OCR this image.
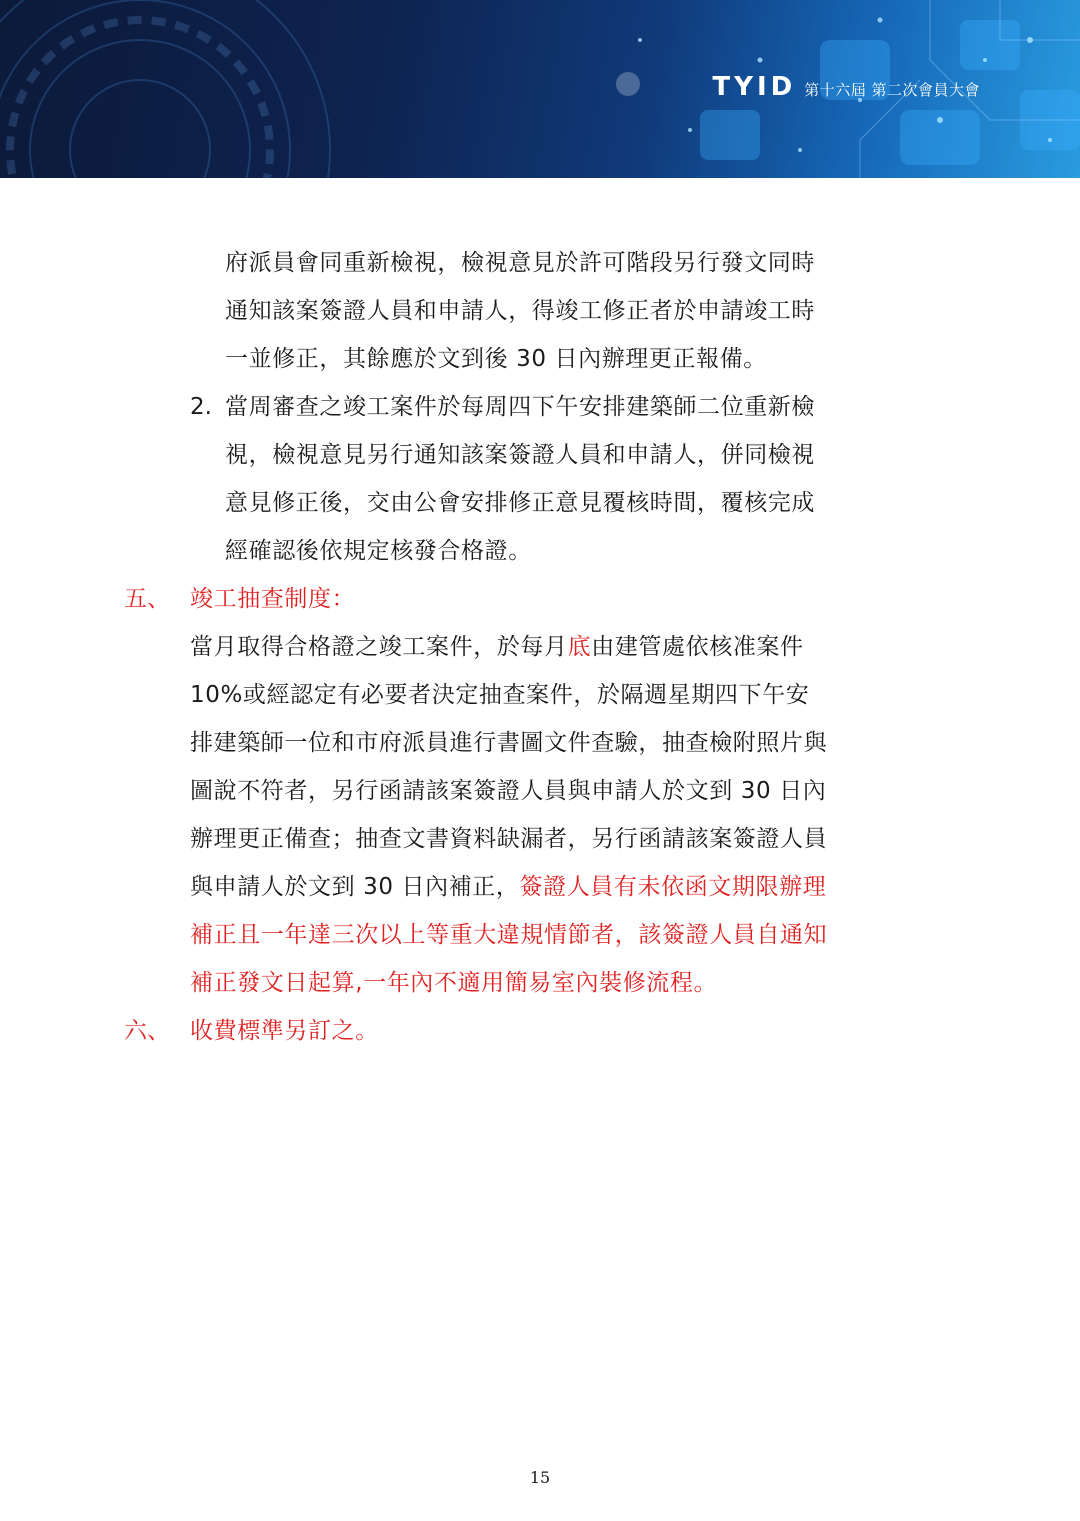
TYID 第十六屆 第二次會員大會
府派員會同重新檢視，檢視意見於許可階段另行發文同時
通知該案簽證人員和申請人，得竣工修正者於申請竣工時
一並修正，其餘應於文到後 30 日內辦理更正報備。
2. 當周審查之竣工案件於每周四下午安排建築師二位重新檢
視，檢視意見另行通知該案簽證人員和申請人，併同檢視
意見修正後，交由公會安排修正意見覆核時間，覆核完成
經確認後依規定核發合格證。
五、 竣工抽查制度：
當月取得合格證之竣工案件，於每月底由建管處依核准案件
10%或經認定有必要者決定抽查案件，於隔週星期四下午安
排建築師一位和市府派員進行書圖文件查驗，抽查檢附照片與
圖說不符者，另行函請該案簽證人員與申請人於文到 30 日內
辦理更正備查；抽查文書資料缺漏者，另行函請該案簽證人員
與申請人於文到 30 日內補正，簽證人員有未依函文期限辦理
補正且一年達三次以上等重大違規情節者，該簽證人員自通知
補正發文日起算,一年內不適用簡易室內裝修流程。
六、 收費標準另訂之。
15
